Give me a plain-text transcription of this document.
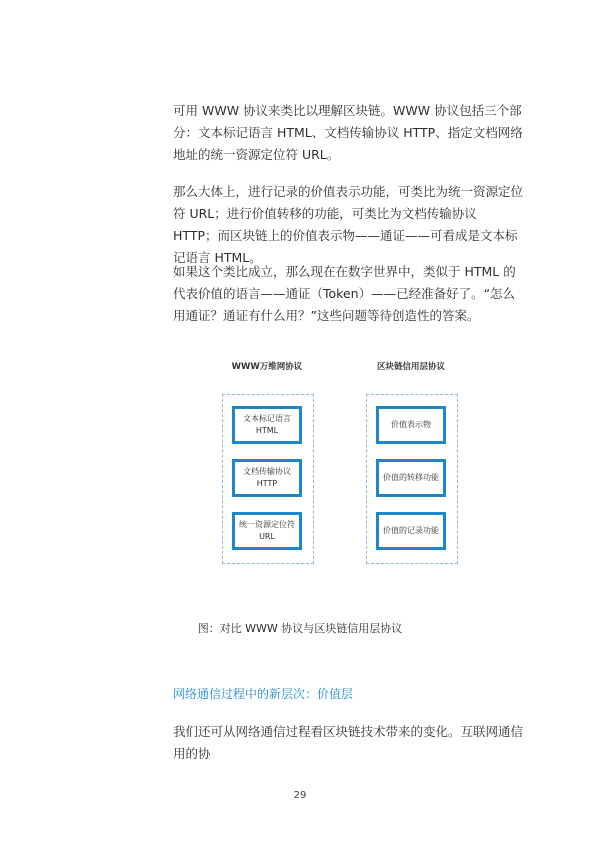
可用 WWW 协议来类比以理解区块链。WWW 协议包括三个部分：文本标记语言 HTML、文档传输协议 HTTP、指定文档网络地址的统一资源定位符 URL。

那么大体上，进行记录的价值表示功能，可类比为统一资源定位符 URL；进行价值转移的功能，可类比为文档传输协议 HTTP；而区块链上的价值表示物——通证——可看成是文本标记语言 HTML。

如果这个类比成立，那么现在在数字世界中，类似于 HTML 的代表价值的语言——通证（Token）——已经准备好了。“怎么用通证？通证有什么用？”这些问题等待创造性的答案。

WWW万维网协议	区块链信用层协议
文本标记语言
HTML
文档传输协议
HTTP
统一资源定位符
URL
价值表示物
价值的转移功能
价值的记录功能
图：对比 WWW 协议与区块链信用层协议
网络通信过程中的新层次：价值层

我们还可从网络通信过程看区块链技术带来的变化。互联网通信用的协

29
